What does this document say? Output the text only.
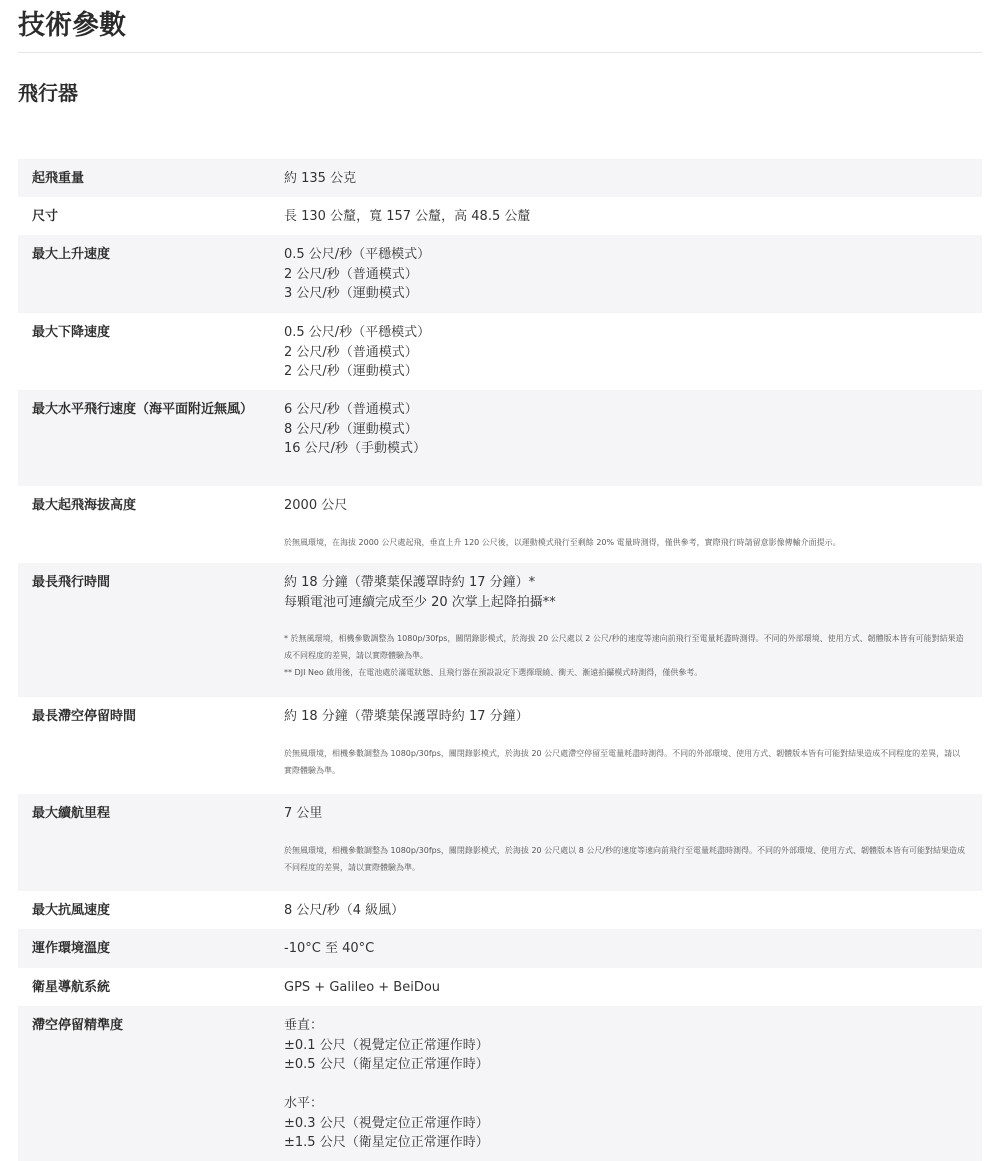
技術參數
飛行器
起飛重量	約 135 公克
尺寸	長 130 公釐，寬 157 公釐，高 48.5 公釐
最大上升速度	0.5 公尺/秒（平穩模式）
2 公尺/秒（普通模式）
3 公尺/秒（運動模式）
最大下降速度	0.5 公尺/秒（平穩模式）
2 公尺/秒（普通模式）
2 公尺/秒（運動模式）
最大水平飛行速度（海平面附近無風）	6 公尺/秒（普通模式）
8 公尺/秒（運動模式）
16 公尺/秒（手動模式）
最大起飛海拔高度	2000 公尺
於無風環境，在海拔 2000 公尺處起飛，垂直上升 120 公尺後，以運動模式飛行至剩餘 20% 電量時測得，僅供參考，實際飛行時請留意影像傳輸介面提示。
最長飛行時間	約 18 分鐘（帶槳葉保護罩時約 17 分鐘）*
每顆電池可連續完成至少 20 次掌上起降拍攝**
* 於無風環境，相機參數調整為 1080p/30fps，關閉錄影模式，於海拔 20 公尺處以 2 公尺/秒的速度等速向前飛行至電量耗盡時測得。不同的外部環境、使用方式、韌體版本皆有可能對結果造成不同程度的差異，請以實際體驗為準。
** DJI Neo 啟用後，在電池處於滿電狀態、且飛行器在預設設定下選擇環繞、衝天、漸遠拍攝模式時測得，僅供參考。
最長滯空停留時間	約 18 分鐘（帶槳葉保護罩時約 17 分鐘）
於無風環境，相機參數調整為 1080p/30fps，關閉錄影模式，於海拔 20 公尺處滯空停留至電量耗盡時測得。不同的外部環境、使用方式、韌體版本皆有可能對結果造成不同程度的差異，請以實際體驗為準。
最大續航里程	7 公里
於無風環境，相機參數調整為 1080p/30fps，關閉錄影模式，於海拔 20 公尺處以 8 公尺/秒的速度等速向前飛行至電量耗盡時測得。不同的外部環境、使用方式、韌體版本皆有可能對結果造成不同程度的差異，請以實際體驗為準。
最大抗風速度	8 公尺/秒（4 級風）
運作環境溫度	-10°C 至 40°C
衛星導航系統	GPS + Galileo + BeiDou
滯空停留精準度	垂直：
±0.1 公尺（視覺定位正常運作時）
±0.5 公尺（衛星定位正常運作時）
水平：
±0.3 公尺（視覺定位正常運作時）
±1.5 公尺（衛星定位正常運作時）
